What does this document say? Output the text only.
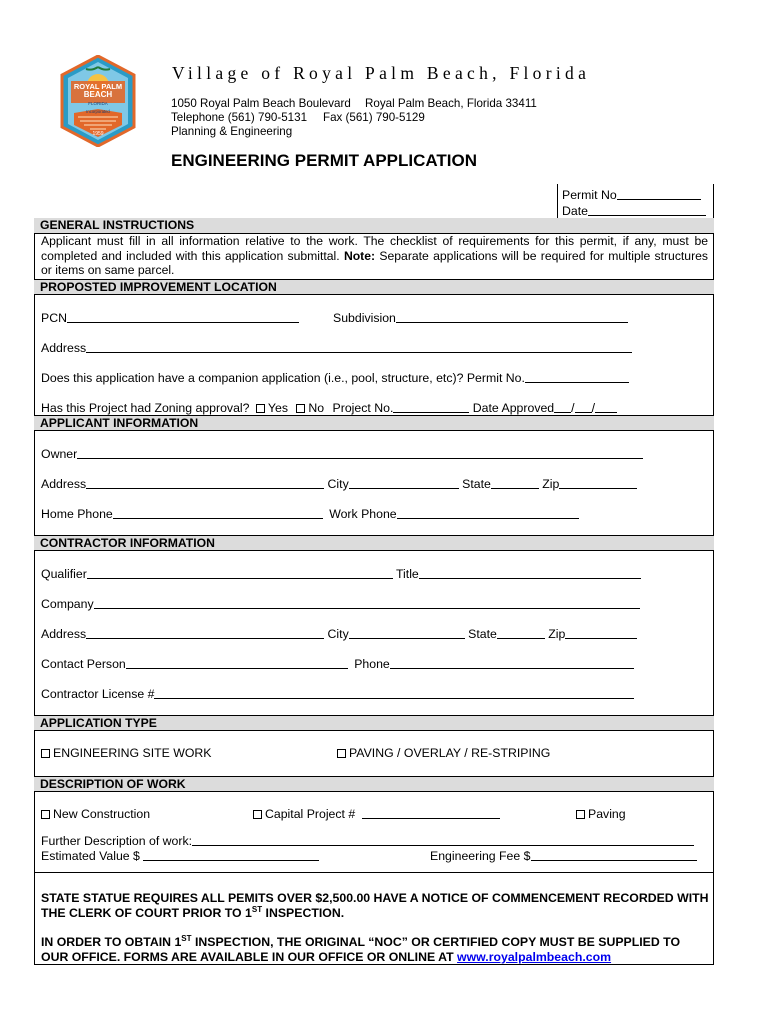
ROYAL PALM
BEACH
FLORIDA
Incorporated
1959
Village of Royal Palm Beach, Florida
1050 Royal Palm Beach Boulevard Royal Palm Beach, Florida 33411
Telephone (561) 790-5131 Fax (561) 790-5129
Planning & Engineering
ENGINEERING PERMIT APPLICATION
Permit No
Date
GENERAL INSTRUCTIONS
Applicant must fill in all information relative to the work. The checklist of requirements for this permit, if any, must be completed and included with this application submittal. Note: Separate applications will be required for multiple structures or items on same parcel.
PROPOSTED IMPROVEMENT LOCATION
PCN	Subdivision
Address
Does this application have a companion application (i.e., pool, structure, etc)? Permit No.
Has this Project had Zoning approval? Yes No Project No.	Date Approved / /
APPLICANT INFORMATION
Owner
Address	City	State	Zip
Home Phone	Work Phone
CONTRACTOR INFORMATION
Qualifier	Title
Company
Address	City	State	Zip
Contact Person	Phone
Contractor License #
APPLICATION TYPE
ENGINEERING SITE WORK	PAVING / OVERLAY / RE-STRIPING
DESCRIPTION OF WORK
New Construction	Capital Project #	Paving
Further Description of work:
Estimated Value $	Engineering Fee $
STATE STATUE REQUIRES ALL PEMITS OVER $2,500.00 HAVE A NOTICE OF COMMENCEMENT RECORDED WITH THE CLERK OF COURT PRIOR TO 1ST INSPECTION.
IN ORDER TO OBTAIN 1ST INSPECTION, THE ORIGINAL “NOC” OR CERTIFIED COPY MUST BE SUPPLIED TO OUR OFFICE. FORMS ARE AVAILABLE IN OUR OFFICE OR ONLINE AT www.royalpalmbeach.com
